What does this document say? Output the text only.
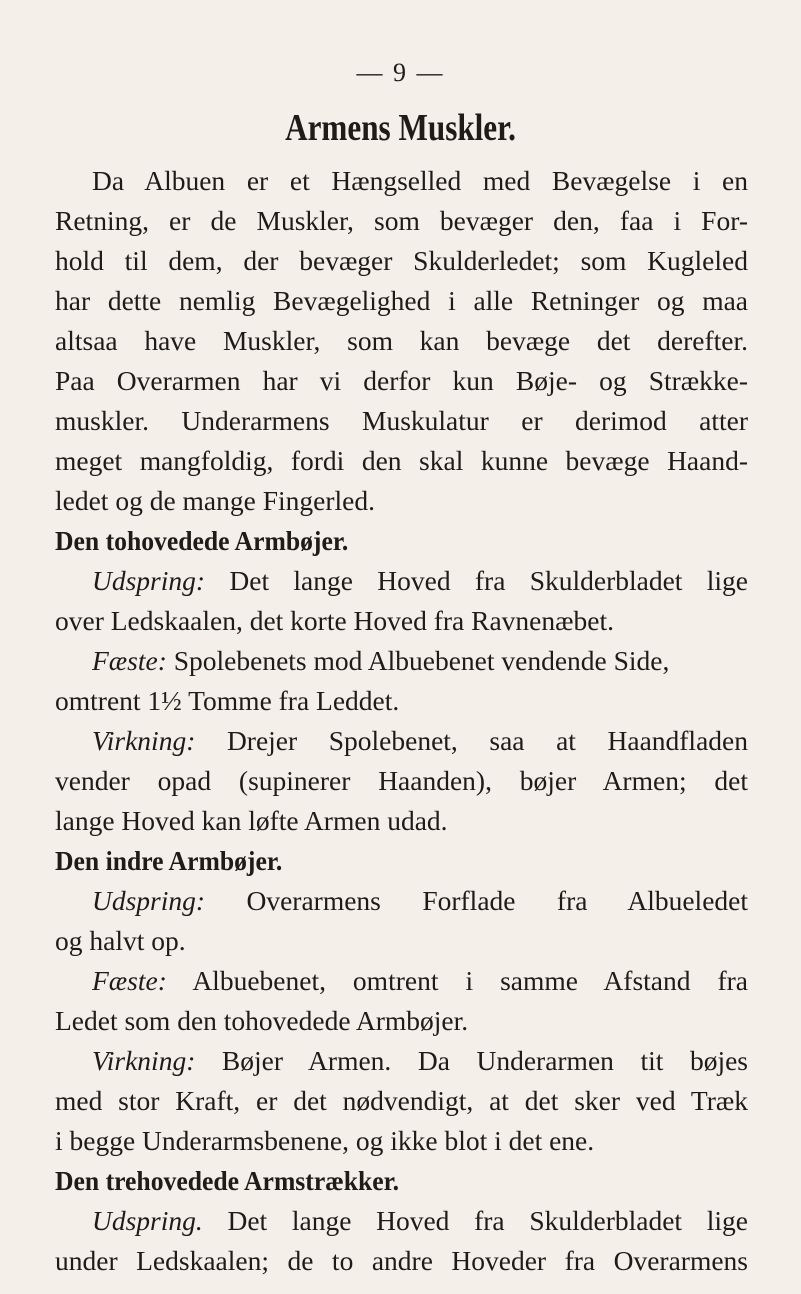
— 9 —
Armens Muskler.
Da Albuen er et Hængselled med Bevægelse i en
Retning, er de Muskler, som bevæger den, faa i For-
hold til dem, der bevæger Skulderledet; som Kugleled
har dette nemlig Bevægelighed i alle Retninger og maa
altsaa have Muskler, som kan bevæge det derefter.
Paa Overarmen har vi derfor kun Bøje- og Strække-
muskler. Underarmens Muskulatur er derimod atter
meget mangfoldig, fordi den skal kunne bevæge Haand-
ledet og de mange Fingerled.
Den tohovedede Armbøjer.
Udspring: Det lange Hoved fra Skulderbladet lige
over Ledskaalen, det korte Hoved fra Ravnenæbet.
Fæste: Spolebenets mod Albuebenet vendende Side,
omtrent 1½ Tomme fra Leddet.
Virkning: Drejer Spolebenet, saa at Haandfladen
vender opad (supinerer Haanden), bøjer Armen; det
lange Hoved kan løfte Armen udad.
Den indre Armbøjer.
Udspring: Overarmens Forflade fra Albueledet
og halvt op.
Fæste: Albuebenet, omtrent i samme Afstand fra
Ledet som den tohovedede Armbøjer.
Virkning: Bøjer Armen. Da Underarmen tit bøjes
med stor Kraft, er det nødvendigt, at det sker ved Træk
i begge Underarmsbenene, og ikke blot i det ene.
Den trehovedede Armstrækker.
Udspring. Det lange Hoved fra Skulderbladet lige
under Ledskaalen; de to andre Hoveder fra Overarmens
